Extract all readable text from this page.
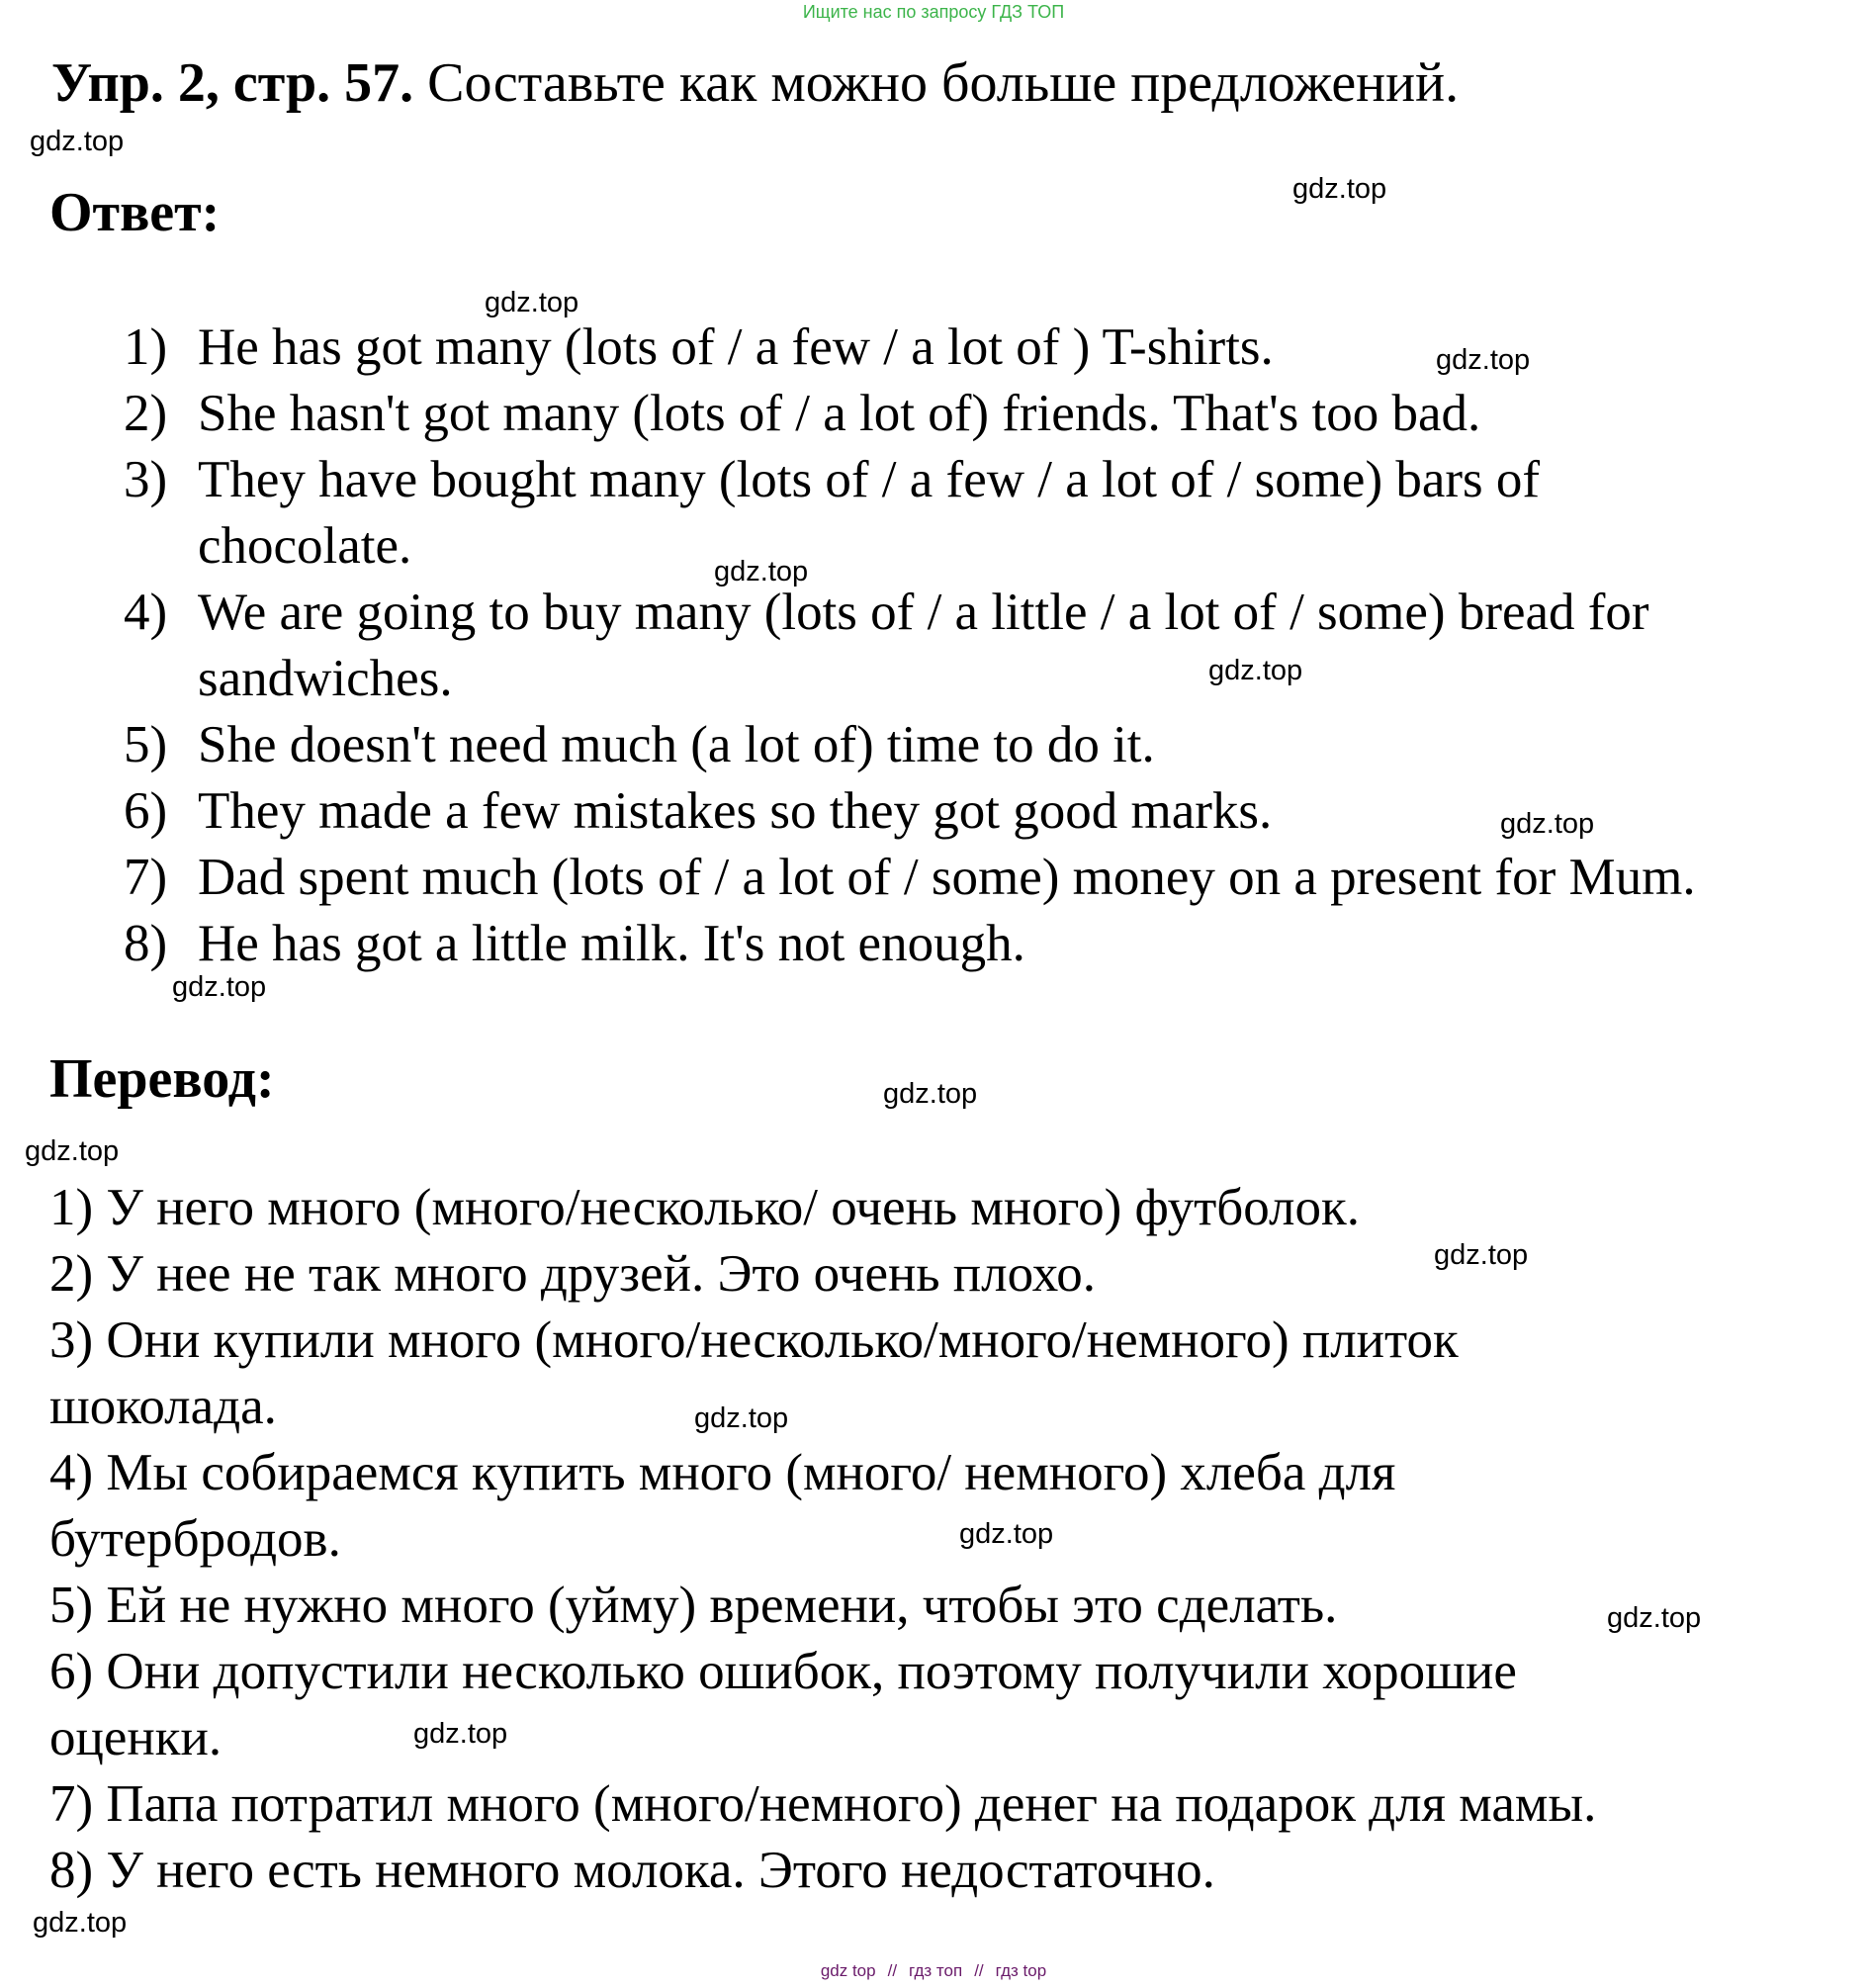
Ищите нас по запросу ГДЗ ТОП
Упр. 2, стр. 57. Составьте как можно больше предложений.
gdz.top
Ответ:	gdz.top
gdz.top
1) He has got many (lots of / a few / a lot of ) T-shirts.	gdz.top
2) She hasn't got many (lots of / a lot of) friends. That's too bad.
3) They have bought many (lots of / a few / a lot of / some) bars of
chocolate.	gdz.top
4) We are going to buy many (lots of / a little / a lot of / some) bread for
sandwiches.	gdz.top
5) She doesn't need much (a lot of) time to do it.
6) They made a few mistakes so they got good marks.	gdz.top
7) Dad spent much (lots of / a lot of / some) money on a present for Mum.
8) He has got a little milk. It's not enough.
gdz.top
Перевод:	gdz.top
gdz.top
1) У него много (много/несколько/ очень много) футболок.
gdz.top
2) У нее не так много друзей. Это очень плохо.
3) Они купили много (много/несколько/много/немного) плиток
шоколада.	gdz.top
4) Мы собираемся купить много (много/ немного) хлеба для
бутербродов.	gdz.top
5) Ей не нужно много (уйму) времени, чтобы это сделать.	gdz.top
6) Они допустили несколько ошибок, поэтому получили хорошие
оценки.	gdz.top
7) Папа потратил много (много/немного) денег на подарок для мамы.
8) У него есть немного молока. Этого недостаточно.
gdz.top
gdz top // гдз топ // гдз top
